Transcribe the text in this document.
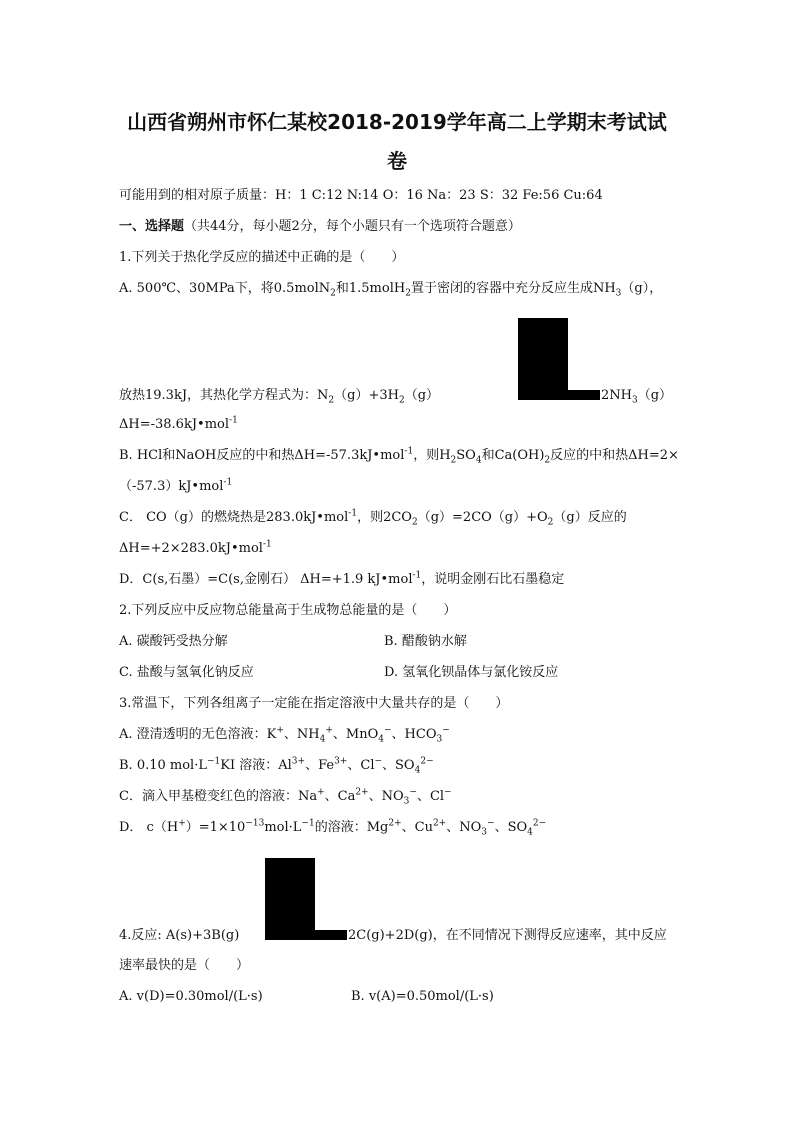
山西省朔州市怀仁某校2018-2019学年高二上学期末考试试
卷
可能用到的相对原子质量：H：1 C:12 N:14 O：16 Na：23 S：32 Fe:56 Cu:64
一、选择题（共44分，每小题2分，每个小题只有一个选项符合题意）
1.下列关于热化学反应的描述中正确的是（　　）
A. 500℃、30MPa下，将0.5molN$_2$和1.5molH$_2$置于密闭的容器中充分反应生成$NH_3(g)$，
放热19.3kJ，其热化学方程式为：$N_2(g)+3H_2(g)$	$2NH_3(g)$
ΔH=-38.6kJ•mol$^{-1}$
B. HCl和NaOH反应的中和热ΔH=-57.3kJ•mol$^{-1}$，则$H_2SO_4$和$Ca(OH)_2$反应的中和热ΔH=2×
（-57.3）kJ•mol$^{-1}$
C． CO（g）的燃烧热是283.0kJ•mol$^{-1}$，则$2CO_2(g)=2CO(g)+O_2(g)$反应的
ΔH=+2×283.0kJ•mol$^{-1}$
D．C(s,石墨）=C(s,金刚石） ΔH=+1.9 kJ•mol$^{-1}$，说明金刚石比石墨稳定
2.下列反应中反应物总能量高于生成物总能量的是（　　）
A. 碳酸钙受热分解	B. 醋酸钠水解
C. 盐酸与氢氧化钠反应	D. 氢氧化钡晶体与氯化铵反应
3.常温下，下列各组离子一定能在指定溶液中大量共存的是（　　）
A. 澄清透明的无色溶液：K+、$NH_4^+$、MnO$_4$−、$HCO_3^-$
B. 0.10 $mol\cdot L^{-1}KI$ 溶液：$Al^{3+}$、$Fe^{3+}$、Cl−、$SO_4^{2-}$
C．滴入甲基橙变红色的溶液：Na+、$Ca^{2+}$、$NO_3^-$、Cl−
D． $c(H^+)=1\times 10^{-13}mol\cdot L^{-1}$的溶液：$Mg^{2+}$、$Cu^{2+}$、$NO_3^-$、$SO_4^{2-}$
4.反应: A(s)+3B(g)	2C(g)+2D(g)，在不同情况下测得反应速率，其中反应
速率最快的是（　　）
A. v(D)=0.30mol/(L·s)	B. v(A)=0.50mol/(L·s)
